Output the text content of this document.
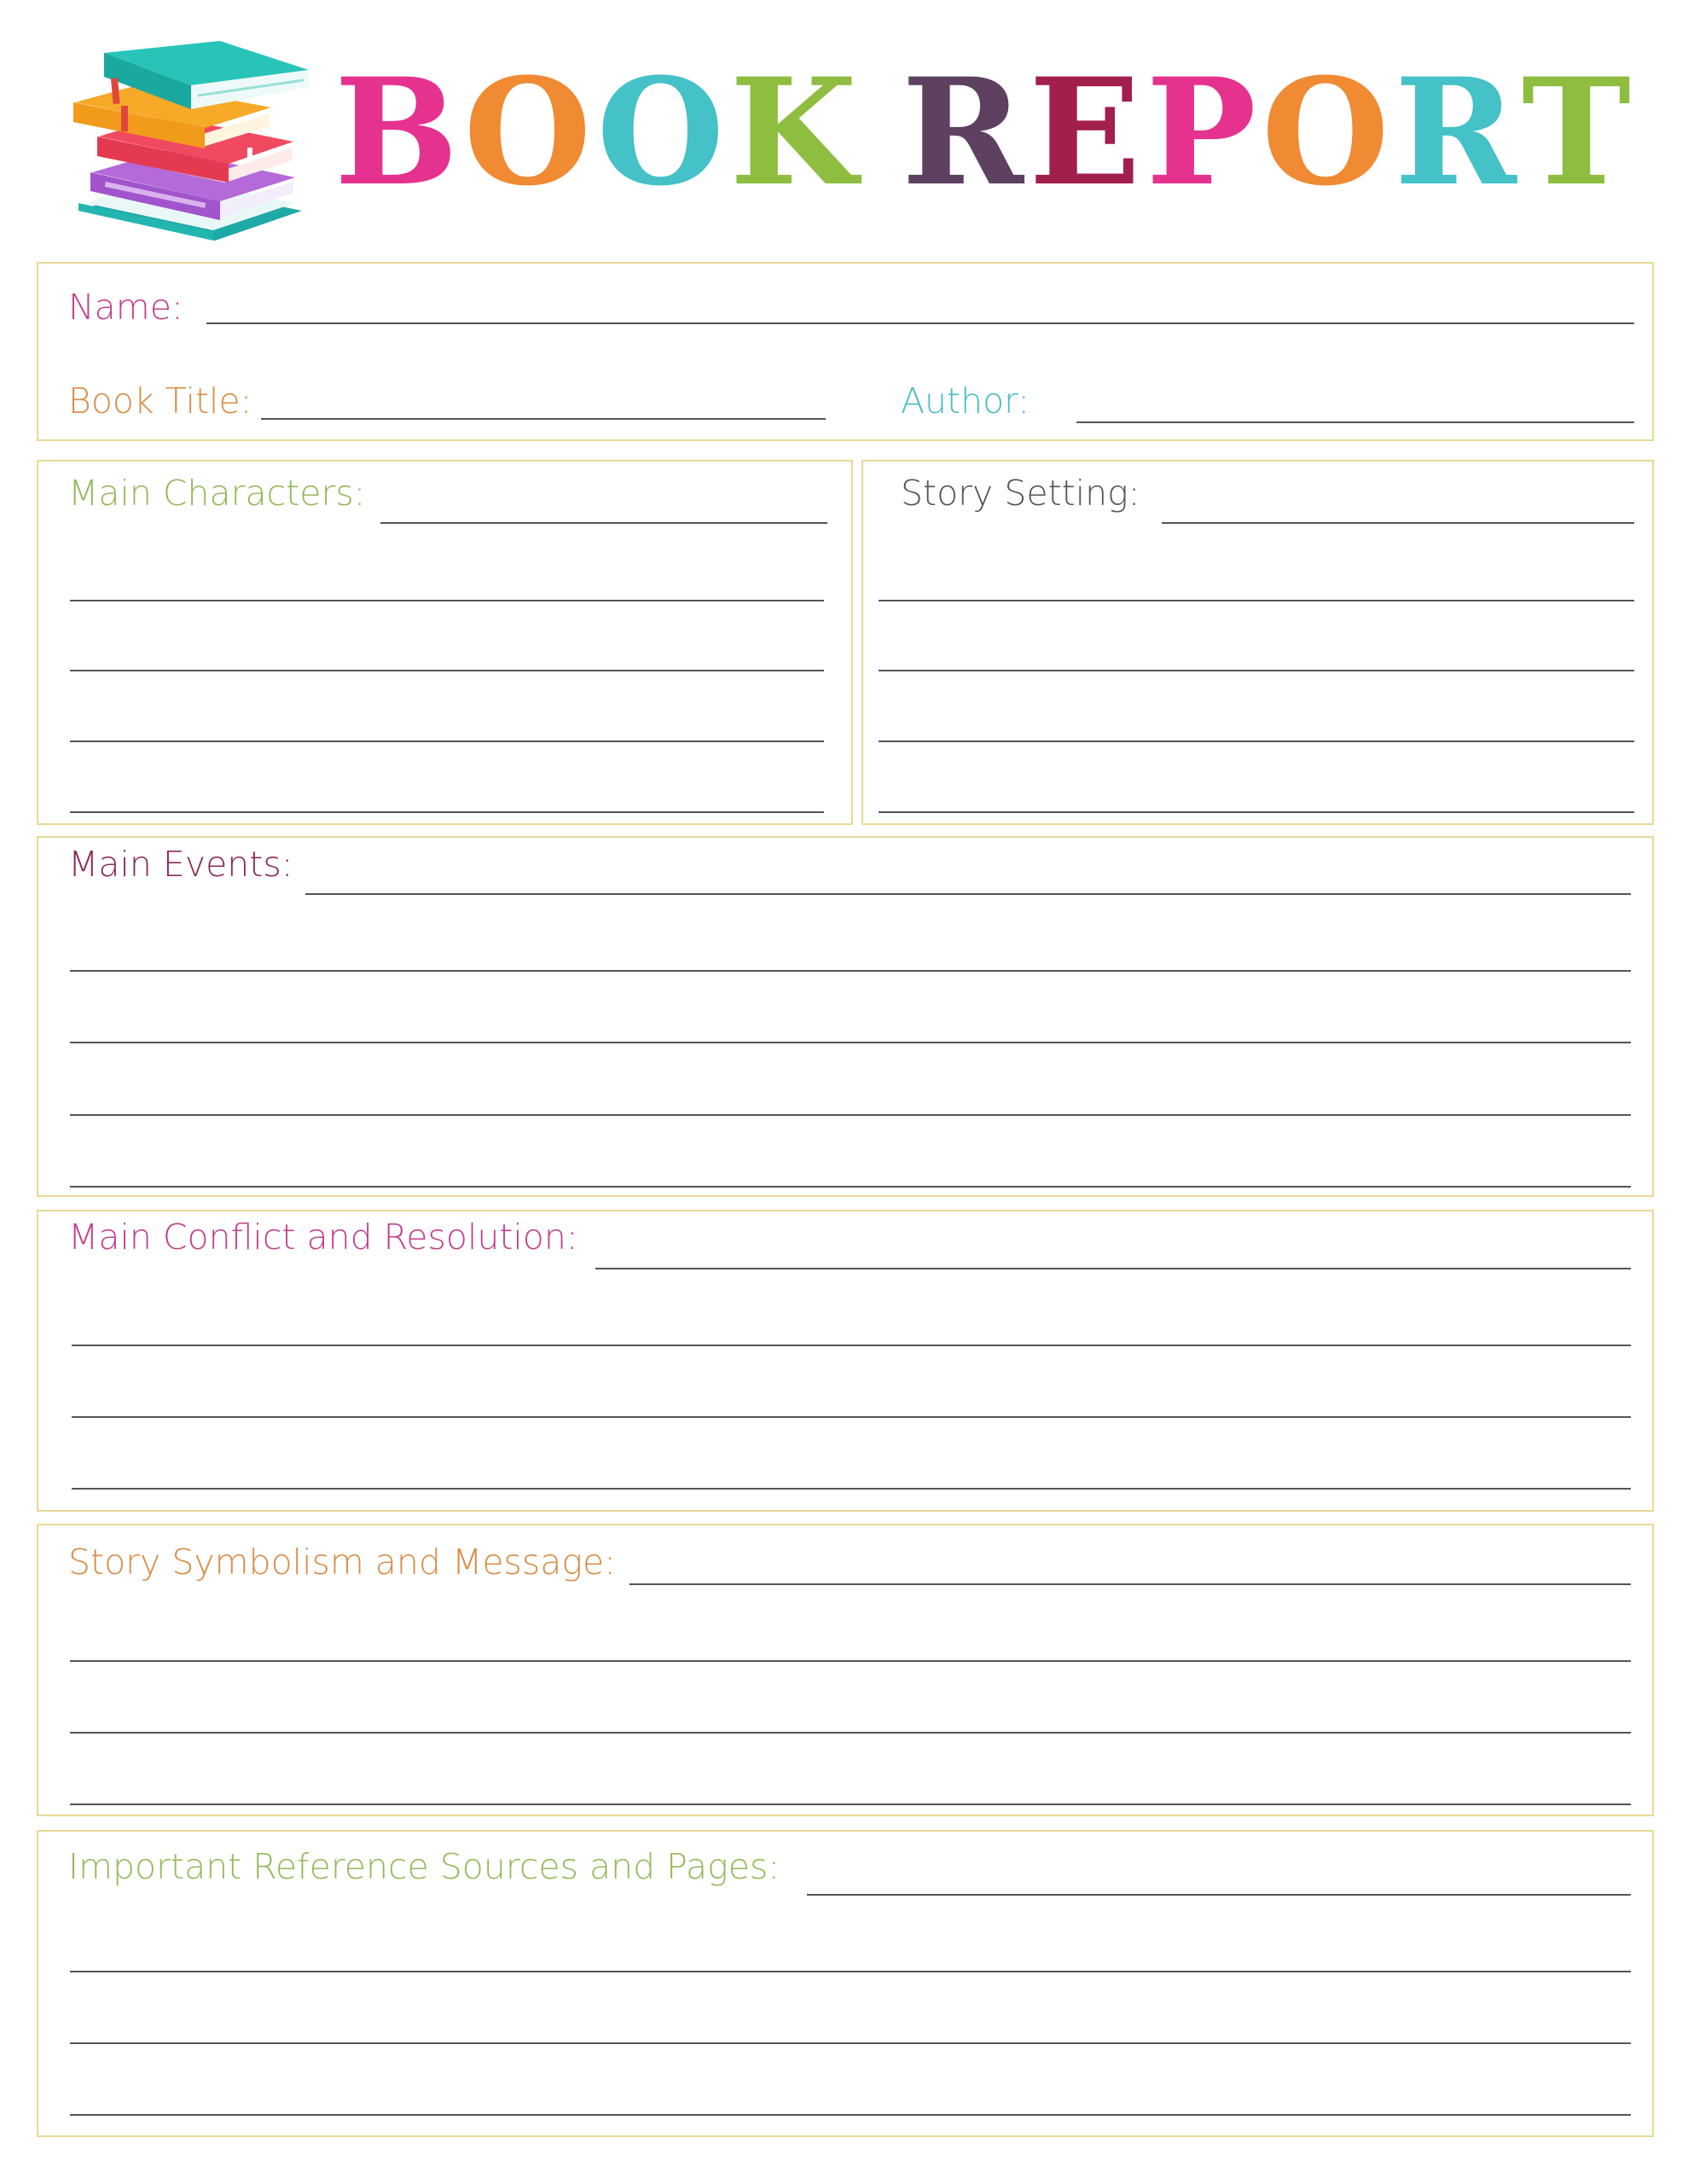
B O O K R E P O R T
Name:
Book Title:	Author:
Main Characters:	Story Setting:
Main Events:
Main Conflict and Resolution:
Story Symbolism and Message:
Important Reference Sources and Pages:
